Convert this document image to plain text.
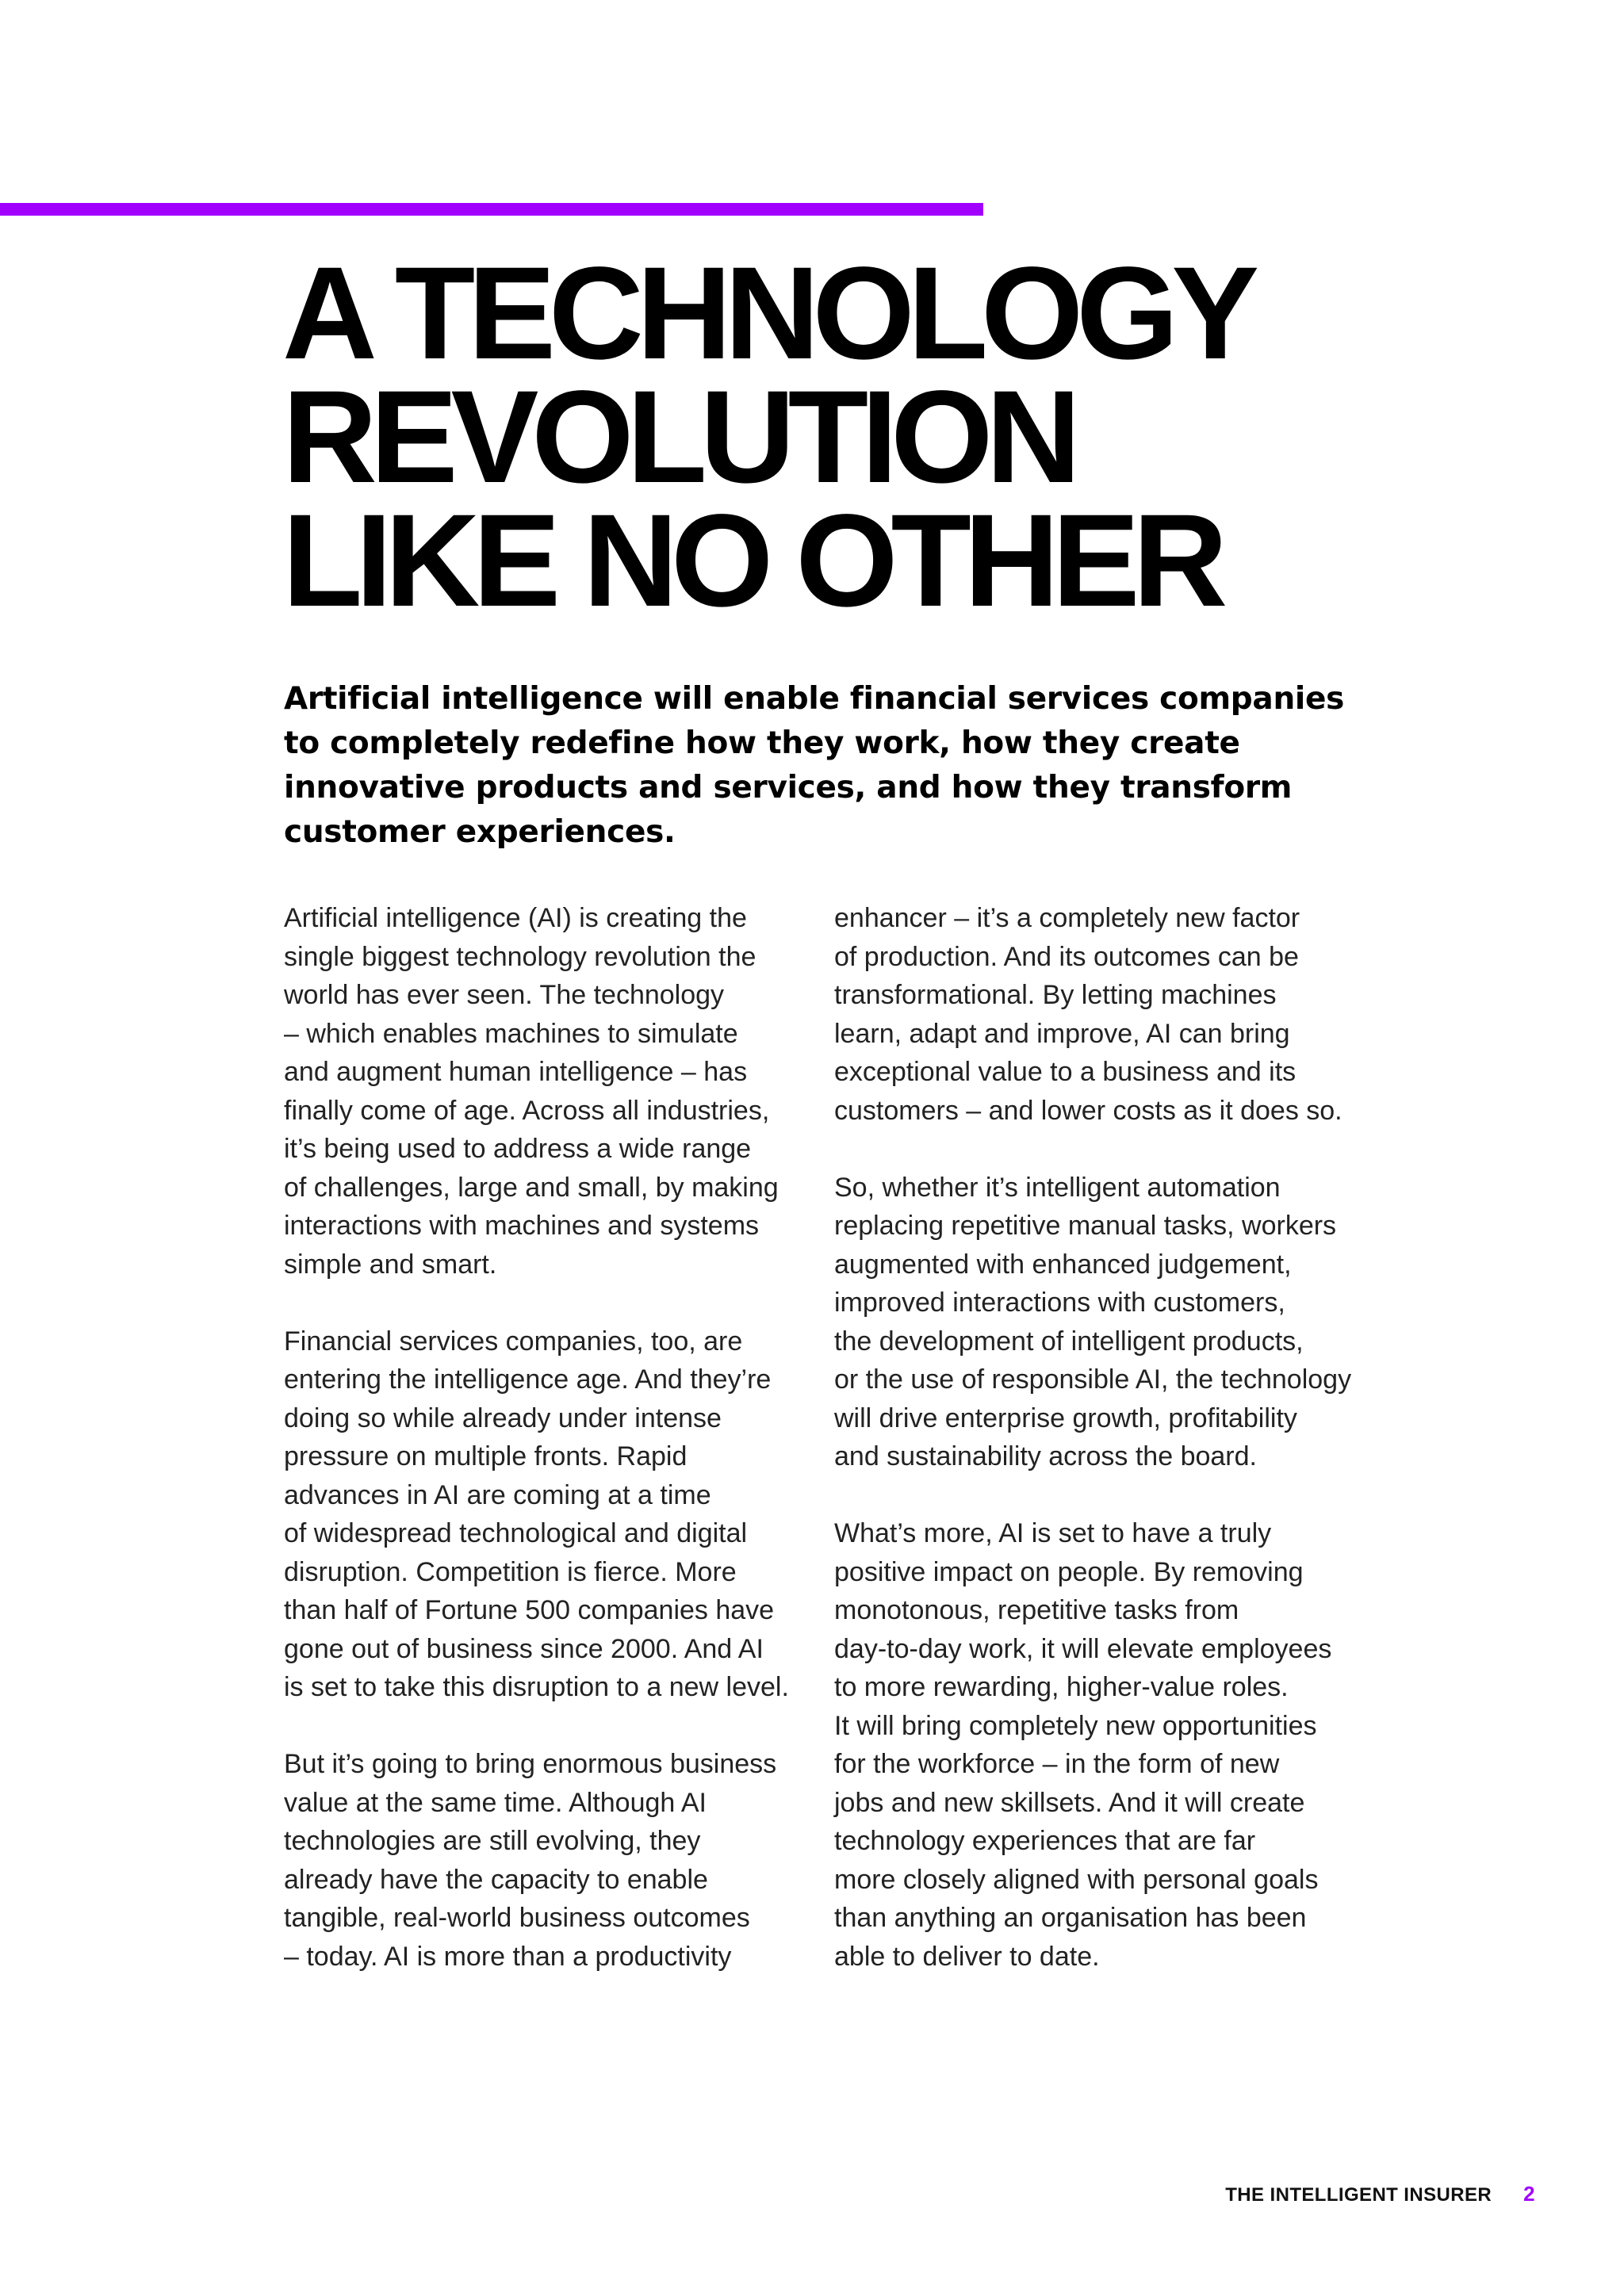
A TECHNOLOGY
REVOLUTION
LIKE NO OTHER

Artificial intelligence will enable financial services companies to completely redefine how they work, how they create innovative products and services, and how they transform customer experiences.

Artificial intelligence (AI) is creating the
single biggest technology revolution the
world has ever seen. The technology
– which enables machines to simulate
and augment human intelligence – has
finally come of age. Across all industries,
it’s being used to address a wide range
of challenges, large and small, by making
interactions with machines and systems
simple and smart.

Financial services companies, too, are
entering the intelligence age. And they’re
doing so while already under intense
pressure on multiple fronts. Rapid
advances in AI are coming at a time
of widespread technological and digital
disruption. Competition is fierce. More
than half of Fortune 500 companies have
gone out of business since 2000. And AI
is set to take this disruption to a new level.

But it’s going to bring enormous business
value at the same time. Although AI
technologies are still evolving, they
already have the capacity to enable
tangible, real-world business outcomes
– today. AI is more than a productivity

enhancer – it’s a completely new factor
of production. And its outcomes can be
transformational. By letting machines
learn, adapt and improve, AI can bring
exceptional value to a business and its
customers – and lower costs as it does so.

So, whether it’s intelligent automation
replacing repetitive manual tasks, workers
augmented with enhanced judgement,
improved interactions with customers,
the development of intelligent products,
or the use of responsible AI, the technology
will drive enterprise growth, profitability
and sustainability across the board.

What’s more, AI is set to have a truly
positive impact on people. By removing
monotonous, repetitive tasks from
day-to-day work, it will elevate employees
to more rewarding, higher-value roles.
It will bring completely new opportunities
for the workforce – in the form of new
jobs and new skillsets. And it will create
technology experiences that are far
more closely aligned with personal goals
than anything an organisation has been
able to deliver to date.

THE INTELLIGENT INSURER 2
